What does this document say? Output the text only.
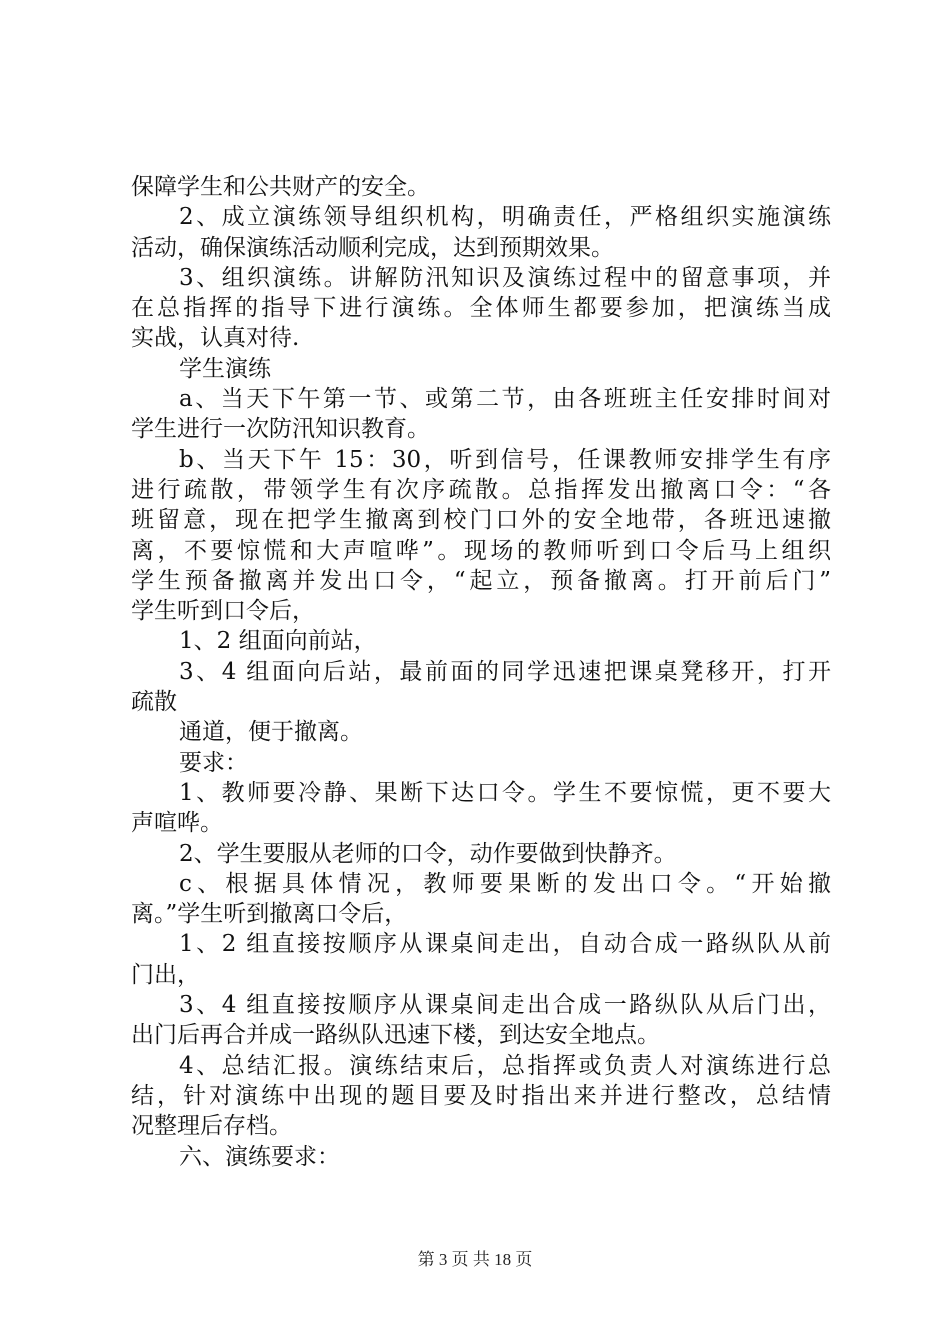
保障学生和公共财产的安全。
2、成立演练领导组织机构，明确责任，严格组织实施演练
活动，确保演练活动顺利完成，达到预期效果。
3、组织演练。讲解防汛知识及演练过程中的留意事项，并
在总指挥的指导下进行演练。全体师生都要参加，把演练当成
实战，认真对待.
学生演练
a、当天下午第一节、或第二节，由各班班主任安排时间对
学生进行一次防汛知识教育。
b、当天下午 15：30，听到信号，任课教师安排学生有序
进行疏散，带领学生有次序疏散。总指挥发出撤离口令：“各
班留意，现在把学生撤离到校门口外的安全地带，各班迅速撤
离，不要惊慌和大声喧哗”。现场的教师听到口令后马上组织
学生预备撤离并发出口令，“起立，预备撤离。打开前后门”
学生听到口令后，
1、2 组面向前站，
3、4 组面向后站，最前面的同学迅速把课桌凳移开，打开
疏散
通道，便于撤离。
要求：
1、教师要冷静、果断下达口令。学生不要惊慌，更不要大
声喧哗。
2、学生要服从老师的口令，动作要做到快静齐。
c、根据具体情况，教师要果断的发出口令。“开始撤
离。”学生听到撤离口令后，
1、2 组直接按顺序从课桌间走出，自动合成一路纵队从前
门出，
3、4 组直接按顺序从课桌间走出合成一路纵队从后门出，
出门后再合并成一路纵队迅速下楼，到达安全地点。
4、总结汇报。演练结束后，总指挥或负责人对演练进行总
结，针对演练中出现的题目要及时指出来并进行整改，总结情
况整理后存档。
六、演练要求：
第 3 页 共 18 页
